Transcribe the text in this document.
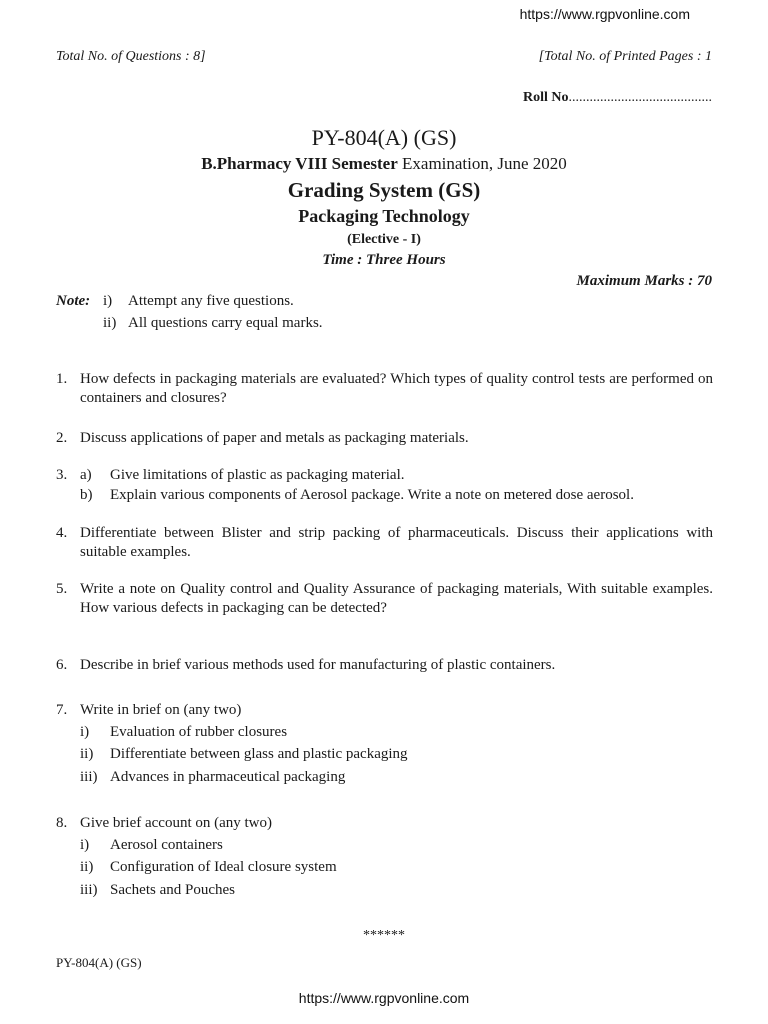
https://www.rgpvonline.com
Total No. of Questions : 8]	[Total No. of Printed Pages : 1
Roll No.........................................
PY-804(A) (GS)
B.Pharmacy VIII Semester Examination, June 2020
Grading System (GS)
Packaging Technology
(Elective - I)
Time : Three Hours
Maximum Marks : 70
Note: i) Attempt any five questions.
ii) All questions carry equal marks.
1. How defects in packaging materials are evaluated? Which types of quality control tests are performed on containers and closures?
2. Discuss applications of paper and metals as packaging materials.
3. a) Give limitations of plastic as packaging material.
b) Explain various components of Aerosol package. Write a note on metered dose aerosol.
4. Differentiate between Blister and strip packing of pharmaceuticals. Discuss their applications with suitable examples.
5. Write a note on Quality control and Quality Assurance of packaging materials, With suitable examples. How various defects in packaging can be detected?
6. Describe in brief various methods used for manufacturing of plastic containers.
7. Write in brief on (any two)
i) Evaluation of rubber closures
ii) Differentiate between glass and plastic packaging
iii) Advances in pharmaceutical packaging
8. Give brief account on (any two)
i) Aerosol containers
ii) Configuration of Ideal closure system
iii) Sachets and Pouches
******
PY-804(A) (GS)
https://www.rgpvonline.com
